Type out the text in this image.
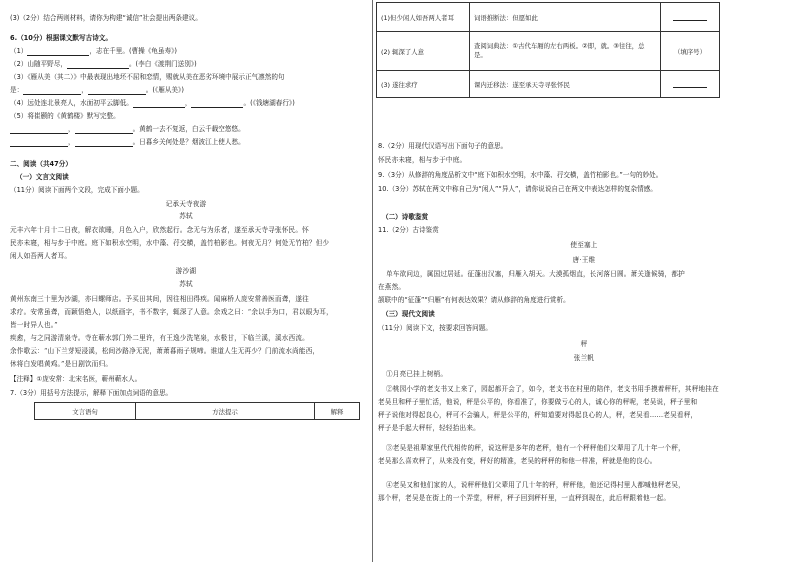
(3)（2分）结合两则材料，请你为构建“诚信”社会提出两条建议。
6.（10分）根据课文默写古诗文。
（1）	，志在千里。(曹操《龟虽寿》)
（2）山随平野尽，	。(李白《渡荆门送别》)
（3）《雁从美（其二）》中最表现出地坯不屈和恋情，赐就从美在恶劣环境中展示正气凛然的句
是：	，	。(《雁从美》)
（4）远处连北景亮人，水面初平云脚低。	，	。(《钱塘湖春行》)
（5）将崔颢的《黄鹤楼》默写完整。
，	。黄鹤一去不复返，白云千载空悠悠。
，	。日暮乡关何处是？烟波江上使人愁。
二、阅读（共47分）
（一）文言文阅读
（11分）阅读下面两个文段，完成下面小题。
记承天寺夜游
苏轼
元丰六年十月十二日夜，解衣欲睡，月色入户，欣然起行。念无与为乐者，遂至承天寺寻张怀民。怀
民亦未寝，相与步于中庭。庭下如积水空明，水中藻、荇交横，盖竹柏影也。何夜无月？何处无竹柏？但少
闲人如吾两人者耳。
游沙湖
苏轼
黄州东南三十里为沙湖，亦曰螺师店。予买田其间，因往相田得疾。闻麻桥人庞安常善医而聋，遂往
求疗。安常虽聋，而颖悟绝人，以纸画字，书不数字，辄深了人意。余戏之曰：“余以手为口，君以眼为耳，
皆一时异人也。”
疾愈，与之同游清泉寺。寺在蕲水郭门外二里许，有王逸少洗笔泉，水极甘，下临兰溪，溪水西流。
余作歌云：“山下兰芽短浸溪，松间沙路净无泥，萧萧暮雨子规啼。谁道人生无再少？门前流水尚能西，
休将白发唱黄鸡。”是日剧饮而归。
【注释】①庞安常：北宋名医，蕲州蕲水人。
7.（3分）用括号方法提示，解释下面加点词语的意思。
文言语句	方法提示	解释
(1)但少闲人如吾两人者耳	词语推断法：但愿如此	
(2) 辄深了人意	查阅词典法：①古代车厢的左右两板。②即，就。③往往，总是。	（填序号）
(3) 遂往求疗	课内迁移法：遂至承天寺寻张怀民	
8.（2分）用现代汉语写出下面句子的意思。
怀民亦未寝，相与步于中庭。
9.（3分）从修辞的角度品析文中“庭下如积水空明，水中藻、荇交横，盖竹柏影也。”一句的妙处。
10.（3分）苏轼在两文中称自己为“闲人”“异人”，请你说说自己在两文中表达怎样的复杂情感。
（二）诗歌鉴赏
11.（2分）古诗鉴赏
使至塞上
唐·王维
单车欲问边，属国过居延。征蓬出汉塞，归雁入胡天。大漠孤烟直，长河落日圆。萧关逢候骑，都护
在燕然。
颔联中的“征蓬”“归雁”有何表达效果？请从修辞的角度进行赏析。
（三）现代文阅读
（11分）阅读下文，按要求回答问题。
秤
张兰帆
①月亮已挂上树梢。
②桃园小学的老支书又上来了，园起都开会了，如今，老支书在村里的陪伴，老支书用手摸着秤杆，其秤地挂在
老吴旦和秤子里忙活，他说，秤是公平的，你看准了，你要做亏心的人，诚心你的秤呢，老吴说，秤子里和
秤子说他对得起良心，秤可不会骗人，秤是公平的，秤知道要对得起良心的人，秤，老吴看……老吴看秤，
秤子是手起大秤杆，轻轻抬出来。
③老吴是祖辈家里代代相传的秤，说这秤是多年的老秤，他有一个秤秤他们父辈用了几十年一个秤，
老吴那么喜欢秤了，从来没有变，秤好的精准，老吴的秤秤的和他一样准，秤就是他的良心。
④老吴又和他们家的人，说秤秤他们父辈用了几十年的秤，秤秤他，他还记得村里人都喊他秤老吴，
那个秤，老吴是在街上的一个弄堂，秤秤，秤子回到秤杆里，一直秤到现在，此后秤跟着他一起。
